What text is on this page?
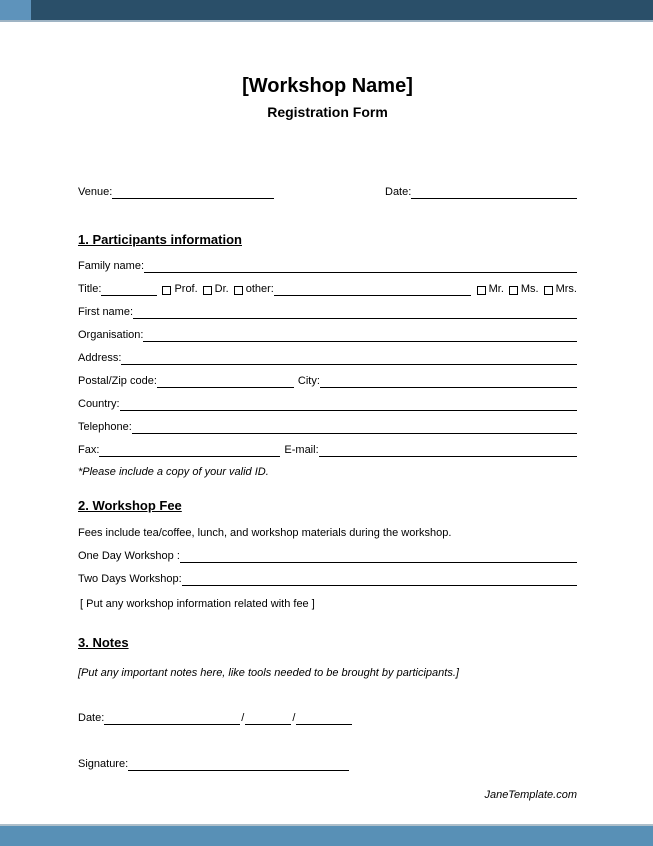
[Workshop Name]
Registration Form
Venue:	Date:
1. Participants information
Family name:
Title:	Prof. Dr. other:	Mr. Ms. Mrs.
First name:
Organisation:
Address:
Postal/Zip code:	City:
Country:
Telephone:
Fax:	E-mail:
*Please include a copy of your valid ID.
2. Workshop Fee
Fees include tea/coffee, lunch, and workshop materials during the workshop.
One Day Workshop :
Two Days Workshop:
[ Put any workshop information related with fee ]
3. Notes
[Put any important notes here, like tools needed to be brought by participants.]
Date:	/	/
Signature:
JaneTemplate.com
